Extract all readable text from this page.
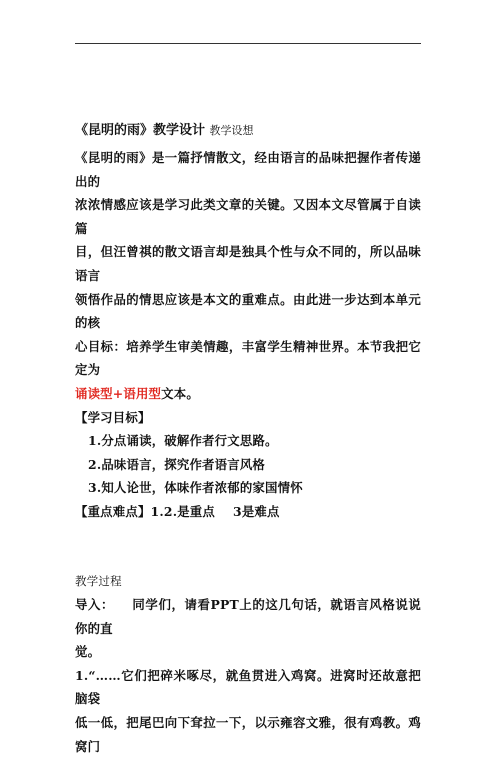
《昆明的雨》教学设计 教学设想

《昆明的雨》是一篇抒情散文，经由语言的品味把握作者传递出的

浓浓情感应该是学习此类文章的关键。又因本文尽管属于自读篇

目，但汪曾祺的散文语言却是独具个性与众不同的，所以品味语言

领悟作品的情思应该是本文的重难点。由此进一步达到本单元的核

心目标：培养学生审美情趣，丰富学生精神世界。本节我把它定为

诵读型+语用型文本。

【学习目标】

1.分点诵读，破解作者行文思路。

2.品味语言，探究作者语言风格

3.知人论世，体味作者浓郁的家国情怀

【重点难点】1.2.是重点 3是难点

教学过程

导入： 同学们，请看PPT上的这几句话，就语言风格说说你的直

觉。

1.“……它们把碎米啄尽，就鱼贯进入鸡窝。进窝时还故意把脑袋

低一低，把尾巴向下耷拉一下，以示雍容文雅，很有鸡教。鸡窝门
